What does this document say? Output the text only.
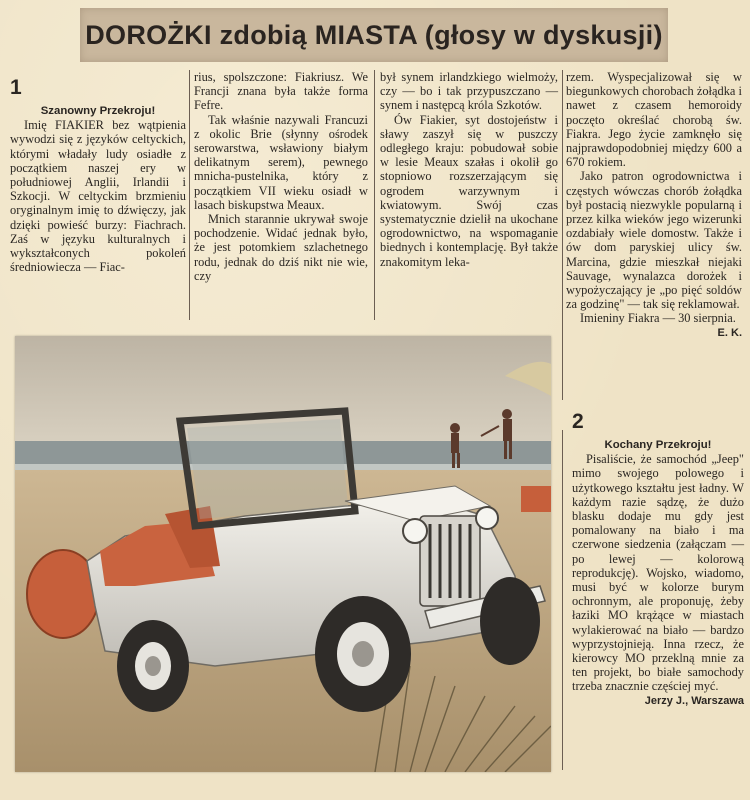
DOROŻKI zdobią MIASTA (głosy w dyskusji)
1

Szanowny Przekroju!

Imię FIAKIER bez wątpienia wywodzi się z języków celtyckich, którymi władały ludy osiadłe z początkiem naszej ery w południowej Anglii, Irlandii i Szkocji. W celtyckim brzmieniu oryginalnym imię to dźwięczy, jak dzięki powieść burzy: Fiachrach. Zaś w języku kulturalnych i wykształconych pokoleń średniowiecza — Fiac-

rius, spolszczone: Fiakriusz. We Francji znana była także forma Fefre.

Tak właśnie nazywali Francuzi z okolic Brie (słynny ośrodek serowarstwa, wsławiony białym delikatnym serem), pewnego mnicha-pustelnika, który z początkiem VII wieku osiadł w lasach biskupstwa Meaux.

Mnich starannie ukrywał swoje pochodzenie. Widać jednak było, że jest potomkiem szlachetnego rodu, jednak do dziś nikt nie wie, czy

był synem irlandzkiego wielmoży, czy — bo i tak przypuszczano — synem i następcą króla Szkotów.

Ów Fiakier, syt dostojeństw i sławy zaszył się w puszczy odległego kraju: pobudował sobie w lesie Meaux szałas i okolił go stopniowo rozszerzającym się ogrodem warzywnym i kwiatowym. Swój czas systematycznie dzielił na ukochane ogrodownictwo, na wspomaganie biednych i kontemplację. Był także znakomitym leka-

rzem. Wyspecjalizował się w biegunkowych chorobach żołądka i nawet z czasem hemoroidy poczęto określać chorobą św. Fiakra. Jego życie zamknęło się najprawdopodobniej między 600 a 670 rokiem.

Jako patron ogrodownictwa i częstych wówczas chorób żołądka był postacią niezwykle popularną i przez kilka wieków jego wizerunki ozdabiały wiele domostw. Także i ów dom paryskiej ulicy św. Marcina, gdzie mieszkał niejaki Sauvage, wynalazca dorożek i wypożyczający je „po pięć soldów za godzinę" — tak się reklamował.

Imieniny Fiakra — 30 sierpnia.

E. K.

2

Kochany Przekroju!

Pisaliście, że samochód „Jeep" mimo swojego polowego i użytkowego kształtu jest ładny. W każdym razie sądzę, że dużo blasku dodaje mu gdy jest pomalowany na biało i ma czerwone siedzenia (załączam — po lewej — kolorową reprodukcję). Wojsko, wiadomo, musi być w kolorze burym ochronnym, ale proponuję, żeby łaziki MO krążące w miastach wylakierować na biało — bardzo wyprzystojnieją. Inna rzecz, że kierowcy MO przeklną mnie za ten projekt, bo białe samochody trzeba znacznie częściej myć.

Jerzy J., Warszawa
